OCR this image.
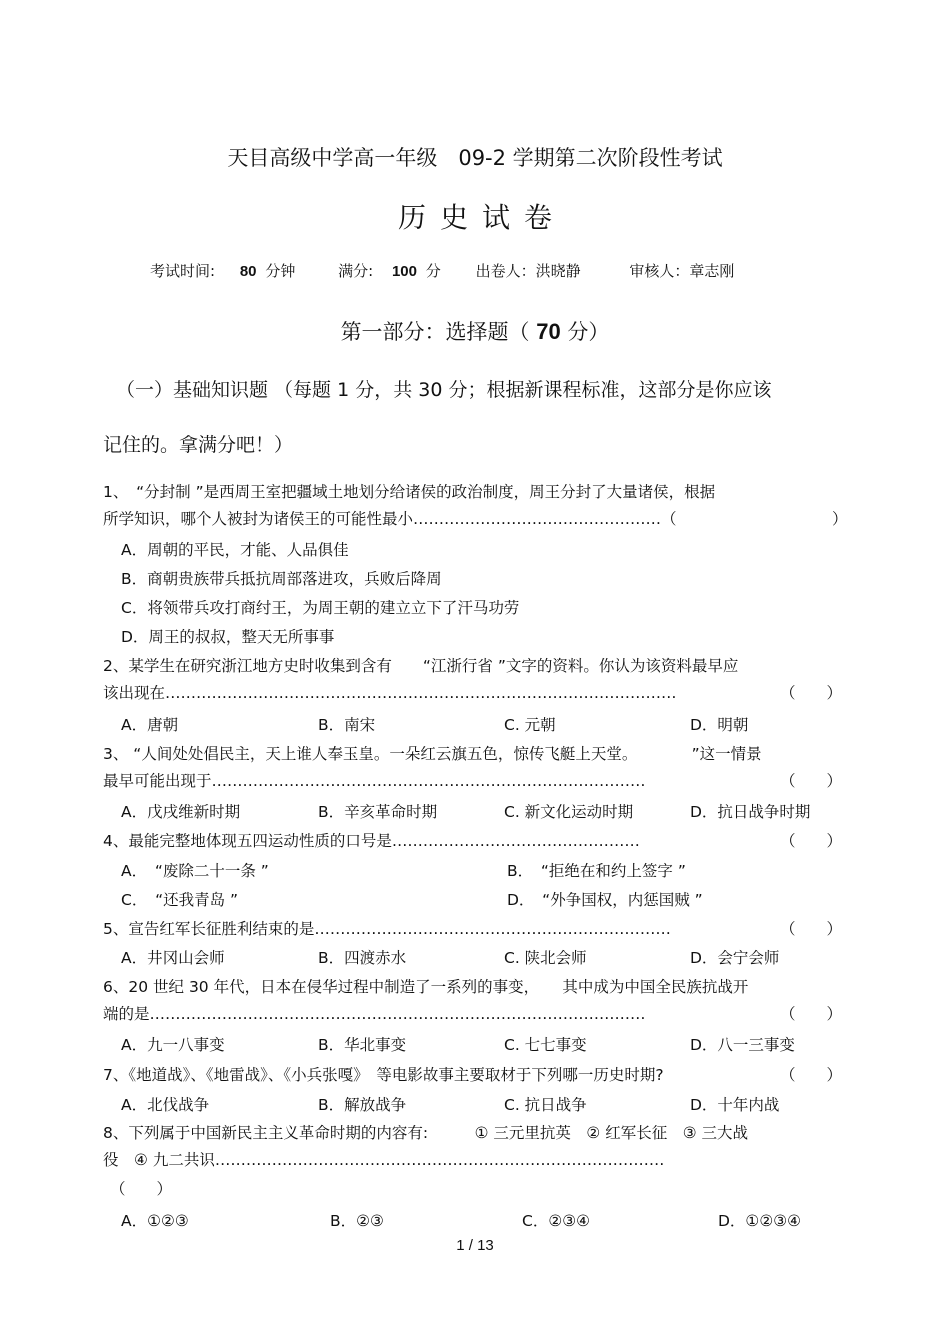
天目高级中学高一年级　09-2 学期第二次阶段性考试
历史试卷
考试时间: 80 分钟	满分: 100 分 出卷人：洪晓静	审核人：章志刚
第一部分：选择题（ 70 分）
（一）基础知识题 （每题 1 分，共 30 分；根据新课程标准，这部分是你应该
记住的。拿满分吧！）
1、　“分封制 ”是西周王室把疆域土地划分给诸侯的政治制度，周王分封了大量诸侯，根据
所学知识，哪个人被封为诸侯王的可能性最小…………………………………………（	）
A．周朝的平民，才能、人品俱佳
B．商朝贵族带兵抵抗周部落进攻，兵败后降周
C．将领带兵攻打商纣王，为周王朝的建立立下了汗马功劳
D．周王的叔叔，整天无所事事
2、某学生在研究浙江地方史时收集到含有　　“江浙行省 ”文字的资料。你认为该资料最早应
该出现在………………………………………………………………………………………	（　　）
A．唐朝	B．南宋	C. 元朝	D．明朝
3、 “人间处处倡民主，天上谁人奉玉皇。一朵红云旗五色，惊传飞艇上天堂。　　　　”这一情景
最早可能出现于…………………………………………………………………………	（　　）
A．戊戌维新时期	B．辛亥革命时期	C. 新文化运动时期	D．抗日战争时期
4、最能完整地体现五四运动性质的口号是…………………………………………	（　　）
A．　“废除二十一条 ”	B．　“拒绝在和约上签字 ”
C．　“还我青岛 ”	D．　“外争国权，内惩国贼 ”
5、宣告红军长征胜利结束的是……………………………………………………………	（　　）
A．井冈山会师	B．四渡赤水	C. 陕北会师	D．会宁会师
6、20 世纪 30 年代，日本在侵华过程中制造了一系列的事变，　　其中成为中国全民族抗战开
端的是……………………………………………………………………………………	（　　）
A．九一八事变	B．华北事变	C. 七七事变	D．八一三事变
7、《地道战》、《地雷战》、《小兵张嘎》　等电影故事主要取材于下列哪一历史时期?	（　　）
A．北伐战争	B．解放战争	C. 抗日战争	D．十年内战
8、下列属于中国新民主主义革命时期的内容有:　　　① 三元里抗英　② 红军长征　③ 三大战
役　④ 九二共识……………………………………………………………………………
（　　）
A．①②③	B．②③	C．②③④	D．①②③④
1 / 13
